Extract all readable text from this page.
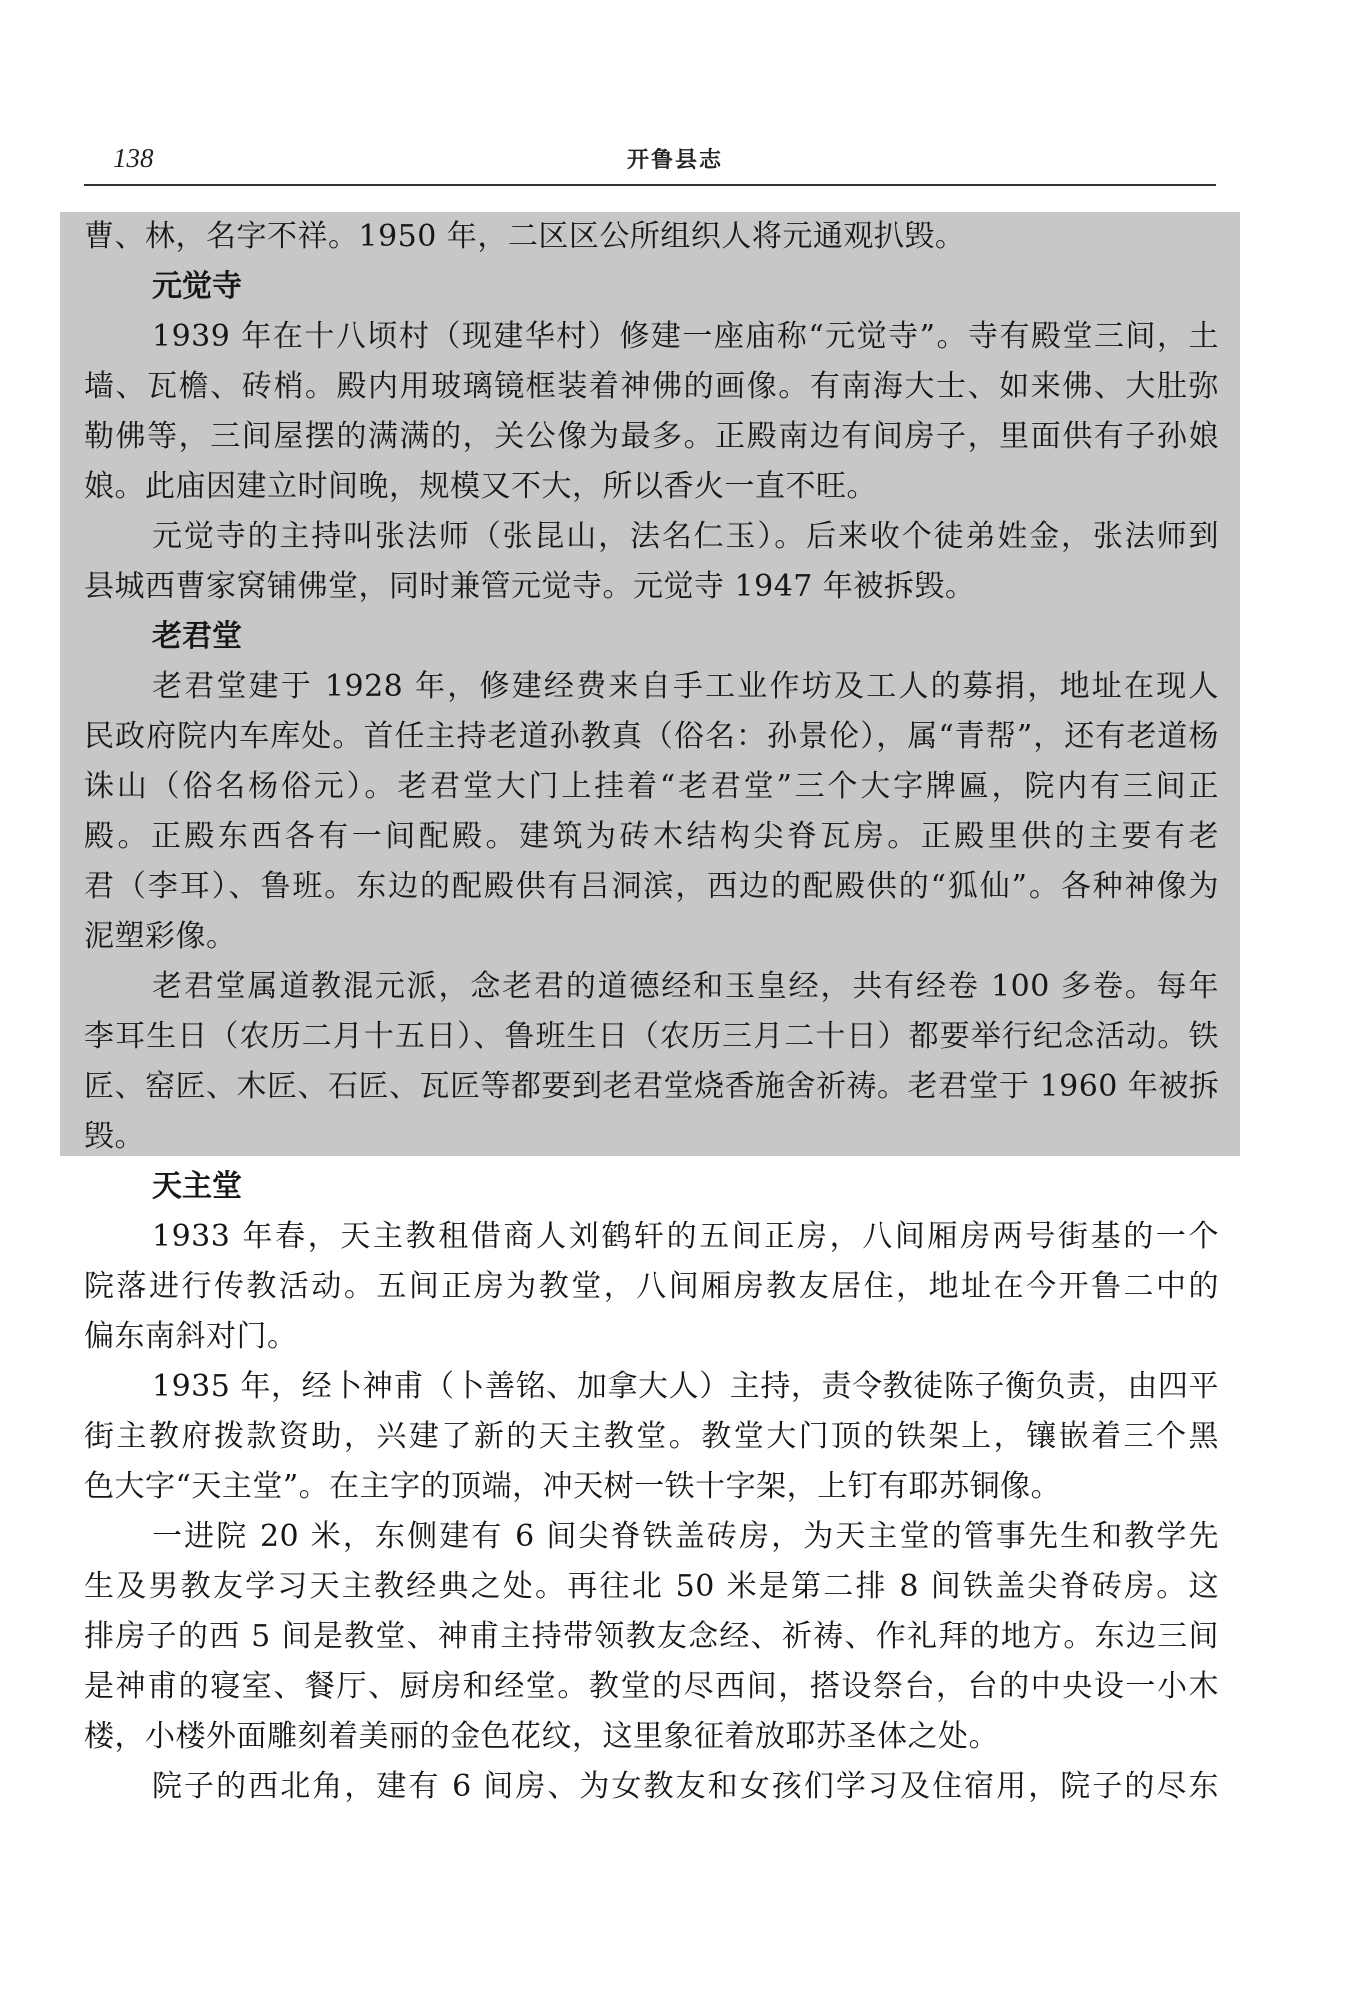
138	开鲁县志
曹、林，名字不祥。1950 年，二区区公所组织人将元通观扒毁。
元觉寺
1939 年在十八顷村（现建华村）修建一座庙称“元觉寺”。寺有殿堂三间，土
墙、瓦檐、砖梢。殿内用玻璃镜框装着神佛的画像。有南海大士、如来佛、大肚弥
勒佛等，三间屋摆的满满的，关公像为最多。正殿南边有间房子，里面供有子孙娘
娘。此庙因建立时间晚，规模又不大，所以香火一直不旺。
元觉寺的主持叫张法师（张昆山，法名仁玉）。后来收个徒弟姓金，张法师到
县城西曹家窝铺佛堂，同时兼管元觉寺。元觉寺 1947 年被拆毁。
老君堂
老君堂建于 1928 年，修建经费来自手工业作坊及工人的募捐，地址在现人
民政府院内车库处。首任主持老道孙教真（俗名：孙景伦），属“青帮”，还有老道杨
诛山（俗名杨俗元）。老君堂大门上挂着“老君堂”三个大字牌匾，院内有三间正
殿。正殿东西各有一间配殿。建筑为砖木结构尖脊瓦房。正殿里供的主要有老
君（李耳）、鲁班。东边的配殿供有吕洞滨，西边的配殿供的“狐仙”。各种神像为
泥塑彩像。
老君堂属道教混元派，念老君的道德经和玉皇经，共有经卷 100 多卷。每年
李耳生日（农历二月十五日）、鲁班生日（农历三月二十日）都要举行纪念活动。铁
匠、窑匠、木匠、石匠、瓦匠等都要到老君堂烧香施舍祈祷。老君堂于 1960 年被拆
毁。
天主堂
1933 年春，天主教租借商人刘鹤轩的五间正房，八间厢房两号街基的一个
院落进行传教活动。五间正房为教堂，八间厢房教友居住，地址在今开鲁二中的
偏东南斜对门。
1935 年，经卜神甫（卜善铭、加拿大人）主持，责令教徒陈子衡负责，由四平
街主教府拨款资助，兴建了新的天主教堂。教堂大门顶的铁架上，镶嵌着三个黑
色大字“天主堂”。在主字的顶端，冲天树一铁十字架，上钉有耶苏铜像。
一进院 20 米，东侧建有 6 间尖脊铁盖砖房，为天主堂的管事先生和教学先
生及男教友学习天主教经典之处。再往北 50 米是第二排 8 间铁盖尖脊砖房。这
排房子的西 5 间是教堂、神甫主持带领教友念经、祈祷、作礼拜的地方。东边三间
是神甫的寝室、餐厅、厨房和经堂。教堂的尽西间，搭设祭台，台的中央设一小木
楼，小楼外面雕刻着美丽的金色花纹，这里象征着放耶苏圣体之处。
院子的西北角，建有 6 间房、为女教友和女孩们学习及住宿用，院子的尽东
